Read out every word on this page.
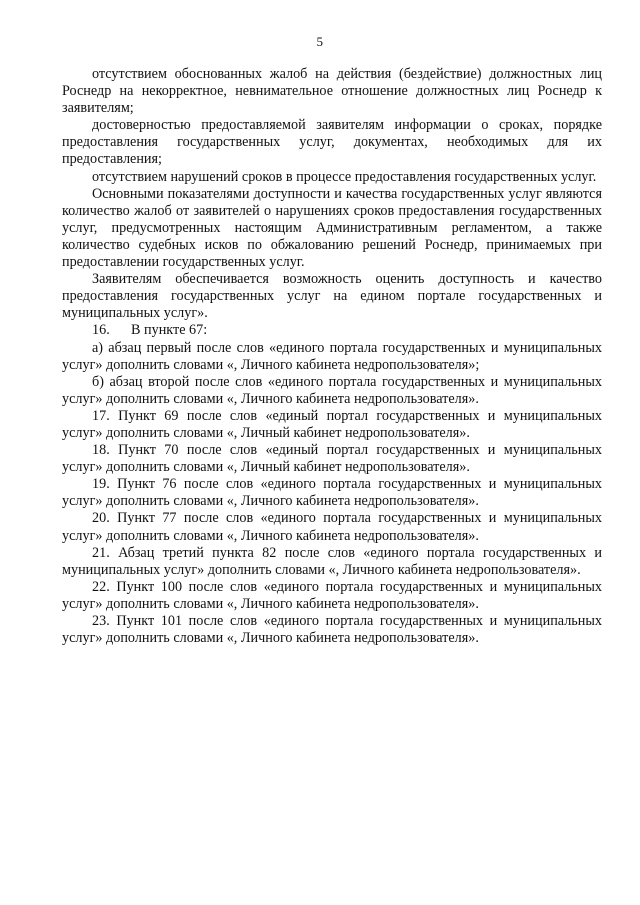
5

отсутствием обоснованных жалоб на действия (бездействие) должностных лиц Роснедр на некорректное, невнимательное отношение должностных лиц Роснедр к заявителям;

достоверностью предоставляемой заявителям информации о сроках, порядке предоставления государственных услуг, документах, необходимых для их предоставления;

отсутствием нарушений сроков в процессе предоставления государственных услуг.

Основными показателями доступности и качества государственных услуг являются количество жалоб от заявителей о нарушениях сроков предоставления государственных услуг, предусмотренных настоящим Административным регламентом, а также количество судебных исков по обжалованию решений Роснедр, принимаемых при предоставлении государственных услуг.

Заявителям обеспечивается возможность оценить доступность и качество предоставления государственных услуг на едином портале государственных и муниципальных услуг».

16.      В пункте 67:

а) абзац первый после слов «единого портала государственных и муниципальных услуг» дополнить словами «, Личного кабинета недропользователя»;

б) абзац второй после слов «единого портала государственных и муниципальных услуг» дополнить словами «, Личного кабинета недропользователя».

17. Пункт 69 после слов «единый портал государственных и муниципальных услуг» дополнить словами «, Личный кабинет недропользователя».

18. Пункт 70 после слов «единый портал государственных и муниципальных услуг» дополнить словами «, Личный кабинет недропользователя».

19. Пункт 76 после слов «единого портала государственных и муниципальных услуг» дополнить словами «, Личного кабинета недропользователя».

20. Пункт 77 после слов «единого портала государственных и муниципальных услуг» дополнить словами «, Личного кабинета недропользователя».

21. Абзац третий пункта 82 после слов «единого портала государственных и муниципальных услуг» дополнить словами «, Личного кабинета недропользователя».

22. Пункт 100 после слов «единого портала государственных и муниципальных услуг» дополнить словами «, Личного кабинета недропользователя».

23. Пункт 101 после слов «единого портала государственных и муниципальных услуг» дополнить словами «, Личного кабинета недропользователя».
